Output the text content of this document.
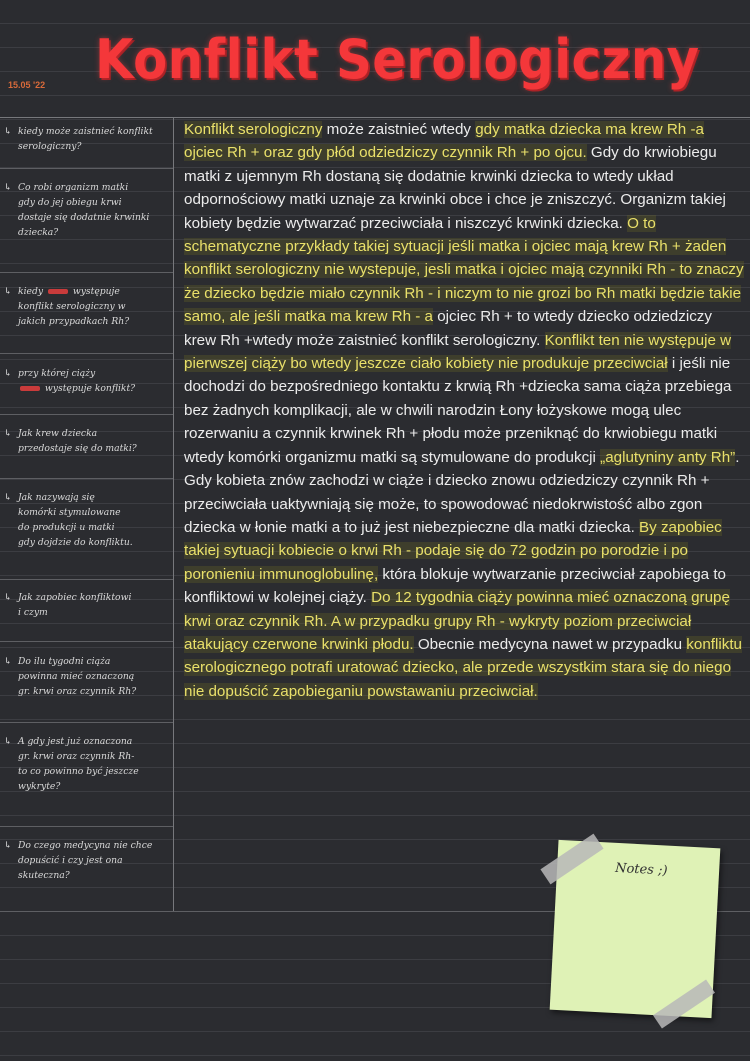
15.05 '22 Konflikt Serologiczny
↳ kiedy może zaistnieć konflikt
serologiczny?
↳ Co robi organizm matki
gdy do jej obiegu krwi
dostaje się dodatnie krwinki
dziecka?
↳ kiedy	występuje
konflikt serologiczny w
jakich przypadkach Rh?
↳ przy której ciąży
występuje konflikt?
↳ Jak krew dziecka
przedostaje się do matki?
↳ Jak nazywają się
komórki stymulowane
do produkcji u matki
gdy dojdzie do konfliktu.
↳ Jak zapobiec konfliktowi
i czym
↳ Do ilu tygodni ciąża
powinna mieć oznaczoną
gr. krwi oraz czynnik Rh?
↳ A gdy jest już oznaczona
gr. krwi oraz czynnik Rh-
to co powinno być jeszcze
wykryte?
↳ Do czego medycyna nie chce
dopuścić i czy jest ona
skuteczna?

Konflikt serologiczny może zaistnieć wtedy gdy matka dziecka ma krew Rh -a ojciec Rh + oraz gdy płód odziedziczy czynnik Rh + po ojcu. Gdy do krwiobiegu matki z ujemnym Rh dostaną się dodatnie krwinki dziecka to wtedy układ odpornościowy matki uznaje za krwinki obce i chce je zniszczyć. Organizm takiej kobiety będzie wytwarzać przeciwciała i niszczyć krwinki dziecka. O to schematyczne przykłady takiej sytuacji jeśli matka i ojciec mają krew Rh + żaden konflikt serologiczny nie wystepuje, jesli matka i ojciec mają czynniki Rh - to znaczy że dziecko będzie miało czynnik Rh - i niczym to nie grozi bo Rh matki będzie takie samo, ale jeśli matka ma krew Rh - a ojciec Rh + to wtedy dziecko odziedziczy krew Rh +wtedy może zaistnieć konflikt serologiczny. Konflikt ten nie występuje w pierwszej ciąży bo wtedy jeszcze ciało kobiety nie produkuje przeciwciał i jeśli nie dochodzi do bezpośredniego kontaktu z krwią Rh +dziecka sama ciąża przebiega bez żadnych komplikacji, ale w chwili narodzin Łony łożyskowe mogą ulec rozerwaniu a czynnik krwinek Rh + płodu może przeniknąć do krwiobiegu matki wtedy komórki organizmu matki są stymulowane do produkcji „aglutyniny anty Rh”. Gdy kobieta znów zachodzi w ciąże i dziecko znowu odziedziczy czynnik Rh + przeciwciała uaktywniają się może, to spowodować niedokrwistość albo zgon dziecka w łonie matki a to już jest niebezpieczne dla matki dziecka. By zapobiec takiej sytuacji kobiecie o krwi Rh - podaje się do 72 godzin po porodzie i po poronieniu immunoglobulinę, która blokuje wytwarzanie przeciwciał zapobiega to konfliktowi w kolejnej ciąży. Do 12 tygodnia ciąży powinna mieć oznaczoną grupę krwi oraz czynnik Rh. A w przypadku grupy Rh - wykryty poziom przeciwciał atakujący czerwone krwinki płodu. Obecnie medycyna nawet w przypadku konfliktu serologicznego potrafi uratować dziecko, ale przede wszystkim stara się do niego nie dopuścić zapobieganiu powstawaniu przeciwciał.

Notes ;)
